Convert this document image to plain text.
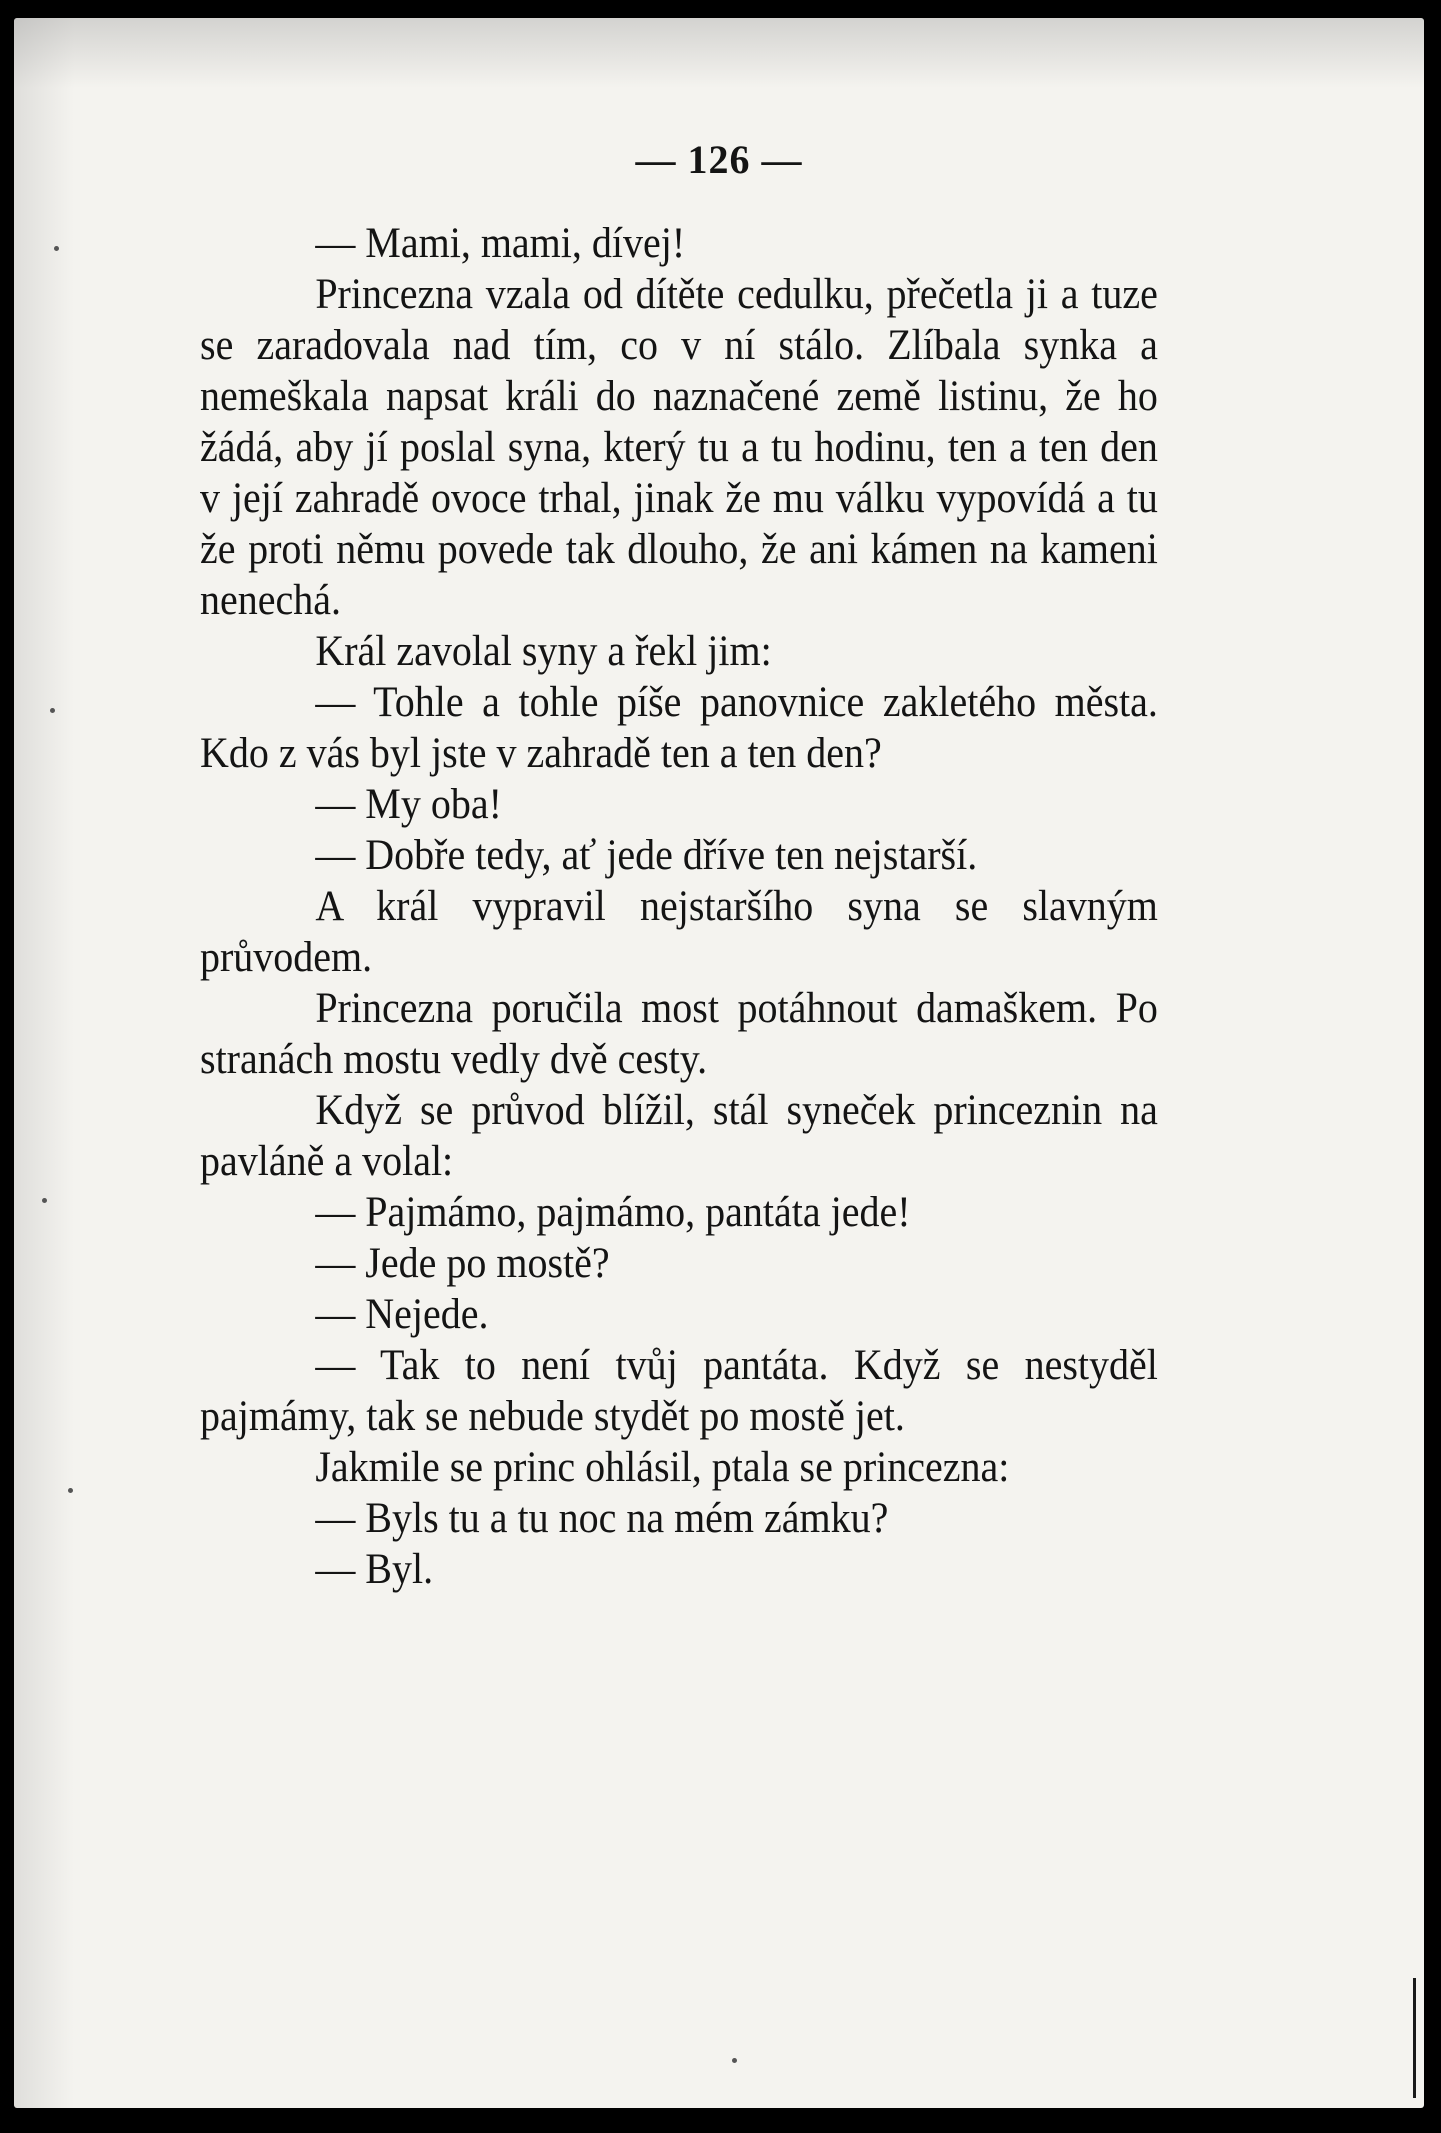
— 126 —

— Mami, mami, dívej!

Princezna vzala od dítěte cedulku, přečetla ji a tuze se zaradovala nad tím, co v ní stálo. Zlíbala synka a nemeškala napsat králi do naznačené země listinu, že ho žádá, aby jí poslal syna, který tu a tu hodinu, ten a ten den v její zahradě ovoce trhal, jinak že mu válku vypovídá a tu že proti němu povede tak dlouho, že ani kámen na kameni nenechá.

Král zavolal syny a řekl jim:

— Tohle a tohle píše panovnice zakletého města. Kdo z vás byl jste v zahradě ten a ten den?

— My oba!

— Dobře tedy, ať jede dříve ten nejstarší.

A král vypravil nejstaršího syna se slavným průvodem.

Princezna poručila most potáhnout damaškem. Po stranách mostu vedly dvě cesty.

Když se průvod blížil, stál syneček princeznin na pavláně a volal:

— Pajmámo, pajmámo, pantáta jede!

— Jede po mostě?

— Nejede.

— Tak to není tvůj pantáta. Když se nestyděl pajmámy, tak se nebude stydět po mostě jet.

Jakmile se princ ohlásil, ptala se princezna:

— Byls tu a tu noc na mém zámku?

— Byl.
